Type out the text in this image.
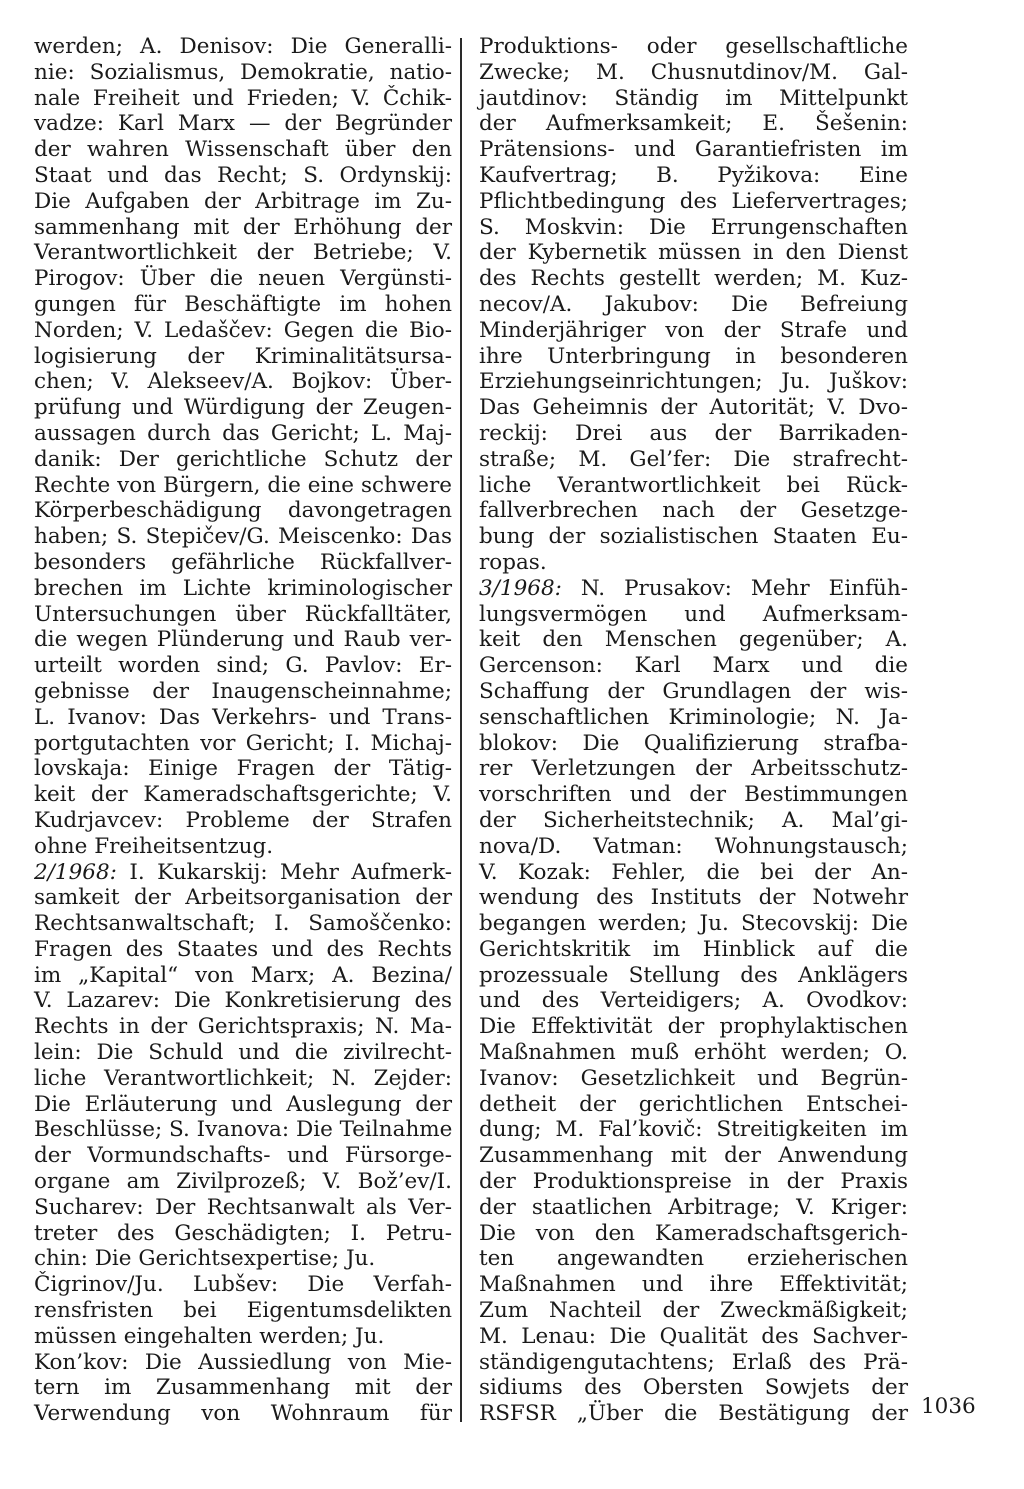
werden; A. Denisov: Die Generalli-
nie: Sozialismus, Demokratie, natio-
nale Freiheit und Frieden; V. Čchik-
vadze: Karl Marx — der Begründer
der wahren Wissenschaft über den
Staat und das Recht; S. Ordynskij:
Die Aufgaben der Arbitrage im Zu-
sammenhang mit der Erhöhung der
Verantwortlichkeit der Betriebe; V.
Pirogov: Über die neuen Vergünsti-
gungen für Beschäftigte im hohen
Norden; V. Ledaščev: Gegen die Bio-
logisierung der Kriminalitätsursa-
chen; V. Alekseev/A. Bojkov: Über-
prüfung und Würdigung der Zeugen-
aussagen durch das Gericht; L. Maj-
danik: Der gerichtliche Schutz der
Rechte von Bürgern, die eine schwere
Körperbeschädigung davongetragen
haben; S. Stepičev/G. Meiscenko: Das
besonders gefährliche Rückfallver-
brechen im Lichte kriminologischer
Untersuchungen über Rückfalltäter,
die wegen Plünderung und Raub ver-
urteilt worden sind; G. Pavlov: Er-
gebnisse der Inaugenscheinnahme;
L. Ivanov: Das Verkehrs- und Trans-
portgutachten vor Gericht; I. Michaj-
lovskaja: Einige Fragen der Tätig-
keit der Kameradschaftsgerichte; V.
Kudrjavcev: Probleme der Strafen
ohne Freiheitsentzug.
2/1968: I. Kukarskij: Mehr Aufmerk-
samkeit der Arbeitsorganisation der
Rechtsanwaltschaft; I. Samoščenko:
Fragen des Staates und des Rechts
im „Kapital“ von Marx; A. Bezina/
V. Lazarev: Die Konkretisierung des
Rechts in der Gerichtspraxis; N. Ma-
lein: Die Schuld und die zivilrecht-
liche Verantwortlichkeit; N. Zejder:
Die Erläuterung und Auslegung der
Beschlüsse; S. Ivanova: Die Teilnahme
der Vormundschafts- und Fürsorge-
organe am Zivilprozeß; V. Bož’ev/I.
Sucharev: Der Rechtsanwalt als Ver-
treter des Geschädigten; I. Petru-
chin: Die Gerichtsexpertise; Ju.
Čigrinov/Ju. Lubšev: Die Verfah-
rensfristen bei Eigentumsdelikten
müssen eingehalten werden; Ju.
Kon’kov: Die Aussiedlung von Mie-
tern im Zusammenhang mit der
Verwendung von Wohnraum für
Produktions- oder gesellschaftliche
Zwecke; M. Chusnutdinov/M. Gal-
jautdinov: Ständig im Mittelpunkt
der Aufmerksamkeit; E. Šešenin:
Prätensions- und Garantiefristen im
Kaufvertrag; B. Pyžikova: Eine
Pflichtbedingung des Liefervertrages;
S. Moskvin: Die Errungenschaften
der Kybernetik müssen in den Dienst
des Rechts gestellt werden; M. Kuz-
necov/A. Jakubov: Die Befreiung
Minderjähriger von der Strafe und
ihre Unterbringung in besonderen
Erziehungseinrichtungen; Ju. Juškov:
Das Geheimnis der Autorität; V. Dvo-
reckij: Drei aus der Barrikaden-
straße; M. Gel’fer: Die strafrecht-
liche Verantwortlichkeit bei Rück-
fallverbrechen nach der Gesetzge-
bung der sozialistischen Staaten Eu-
ropas.
3/1968: N. Prusakov: Mehr Einfüh-
lungsvermögen und Aufmerksam-
keit den Menschen gegenüber; A.
Gercenson: Karl Marx und die
Schaffung der Grundlagen der wis-
senschaftlichen Kriminologie; N. Ja-
blokov: Die Qualifizierung strafba-
rer Verletzungen der Arbeitsschutz-
vorschriften und der Bestimmungen
der Sicherheitstechnik; A. Mal’gi-
nova/D. Vatman: Wohnungstausch;
V. Kozak: Fehler, die bei der An-
wendung des Instituts der Notwehr
begangen werden; Ju. Stecovskij: Die
Gerichtskritik im Hinblick auf die
prozessuale Stellung des Anklägers
und des Verteidigers; A. Ovodkov:
Die Effektivität der prophylaktischen
Maßnahmen muß erhöht werden; O.
Ivanov: Gesetzlichkeit und Begrün-
detheit der gerichtlichen Entschei-
dung; M. Fal’kovič: Streitigkeiten im
Zusammenhang mit der Anwendung
der Produktionspreise in der Praxis
der staatlichen Arbitrage; V. Kriger:
Die von den Kameradschaftsgerich-
ten angewandten erzieherischen
Maßnahmen und ihre Effektivität;
Zum Nachteil der Zweckmäßigkeit;
M. Lenau: Die Qualität des Sachver-
ständigengutachtens; Erlaß des Prä-
sidiums des Obersten Sowjets der
RSFSR „Über die Bestätigung der 1036
